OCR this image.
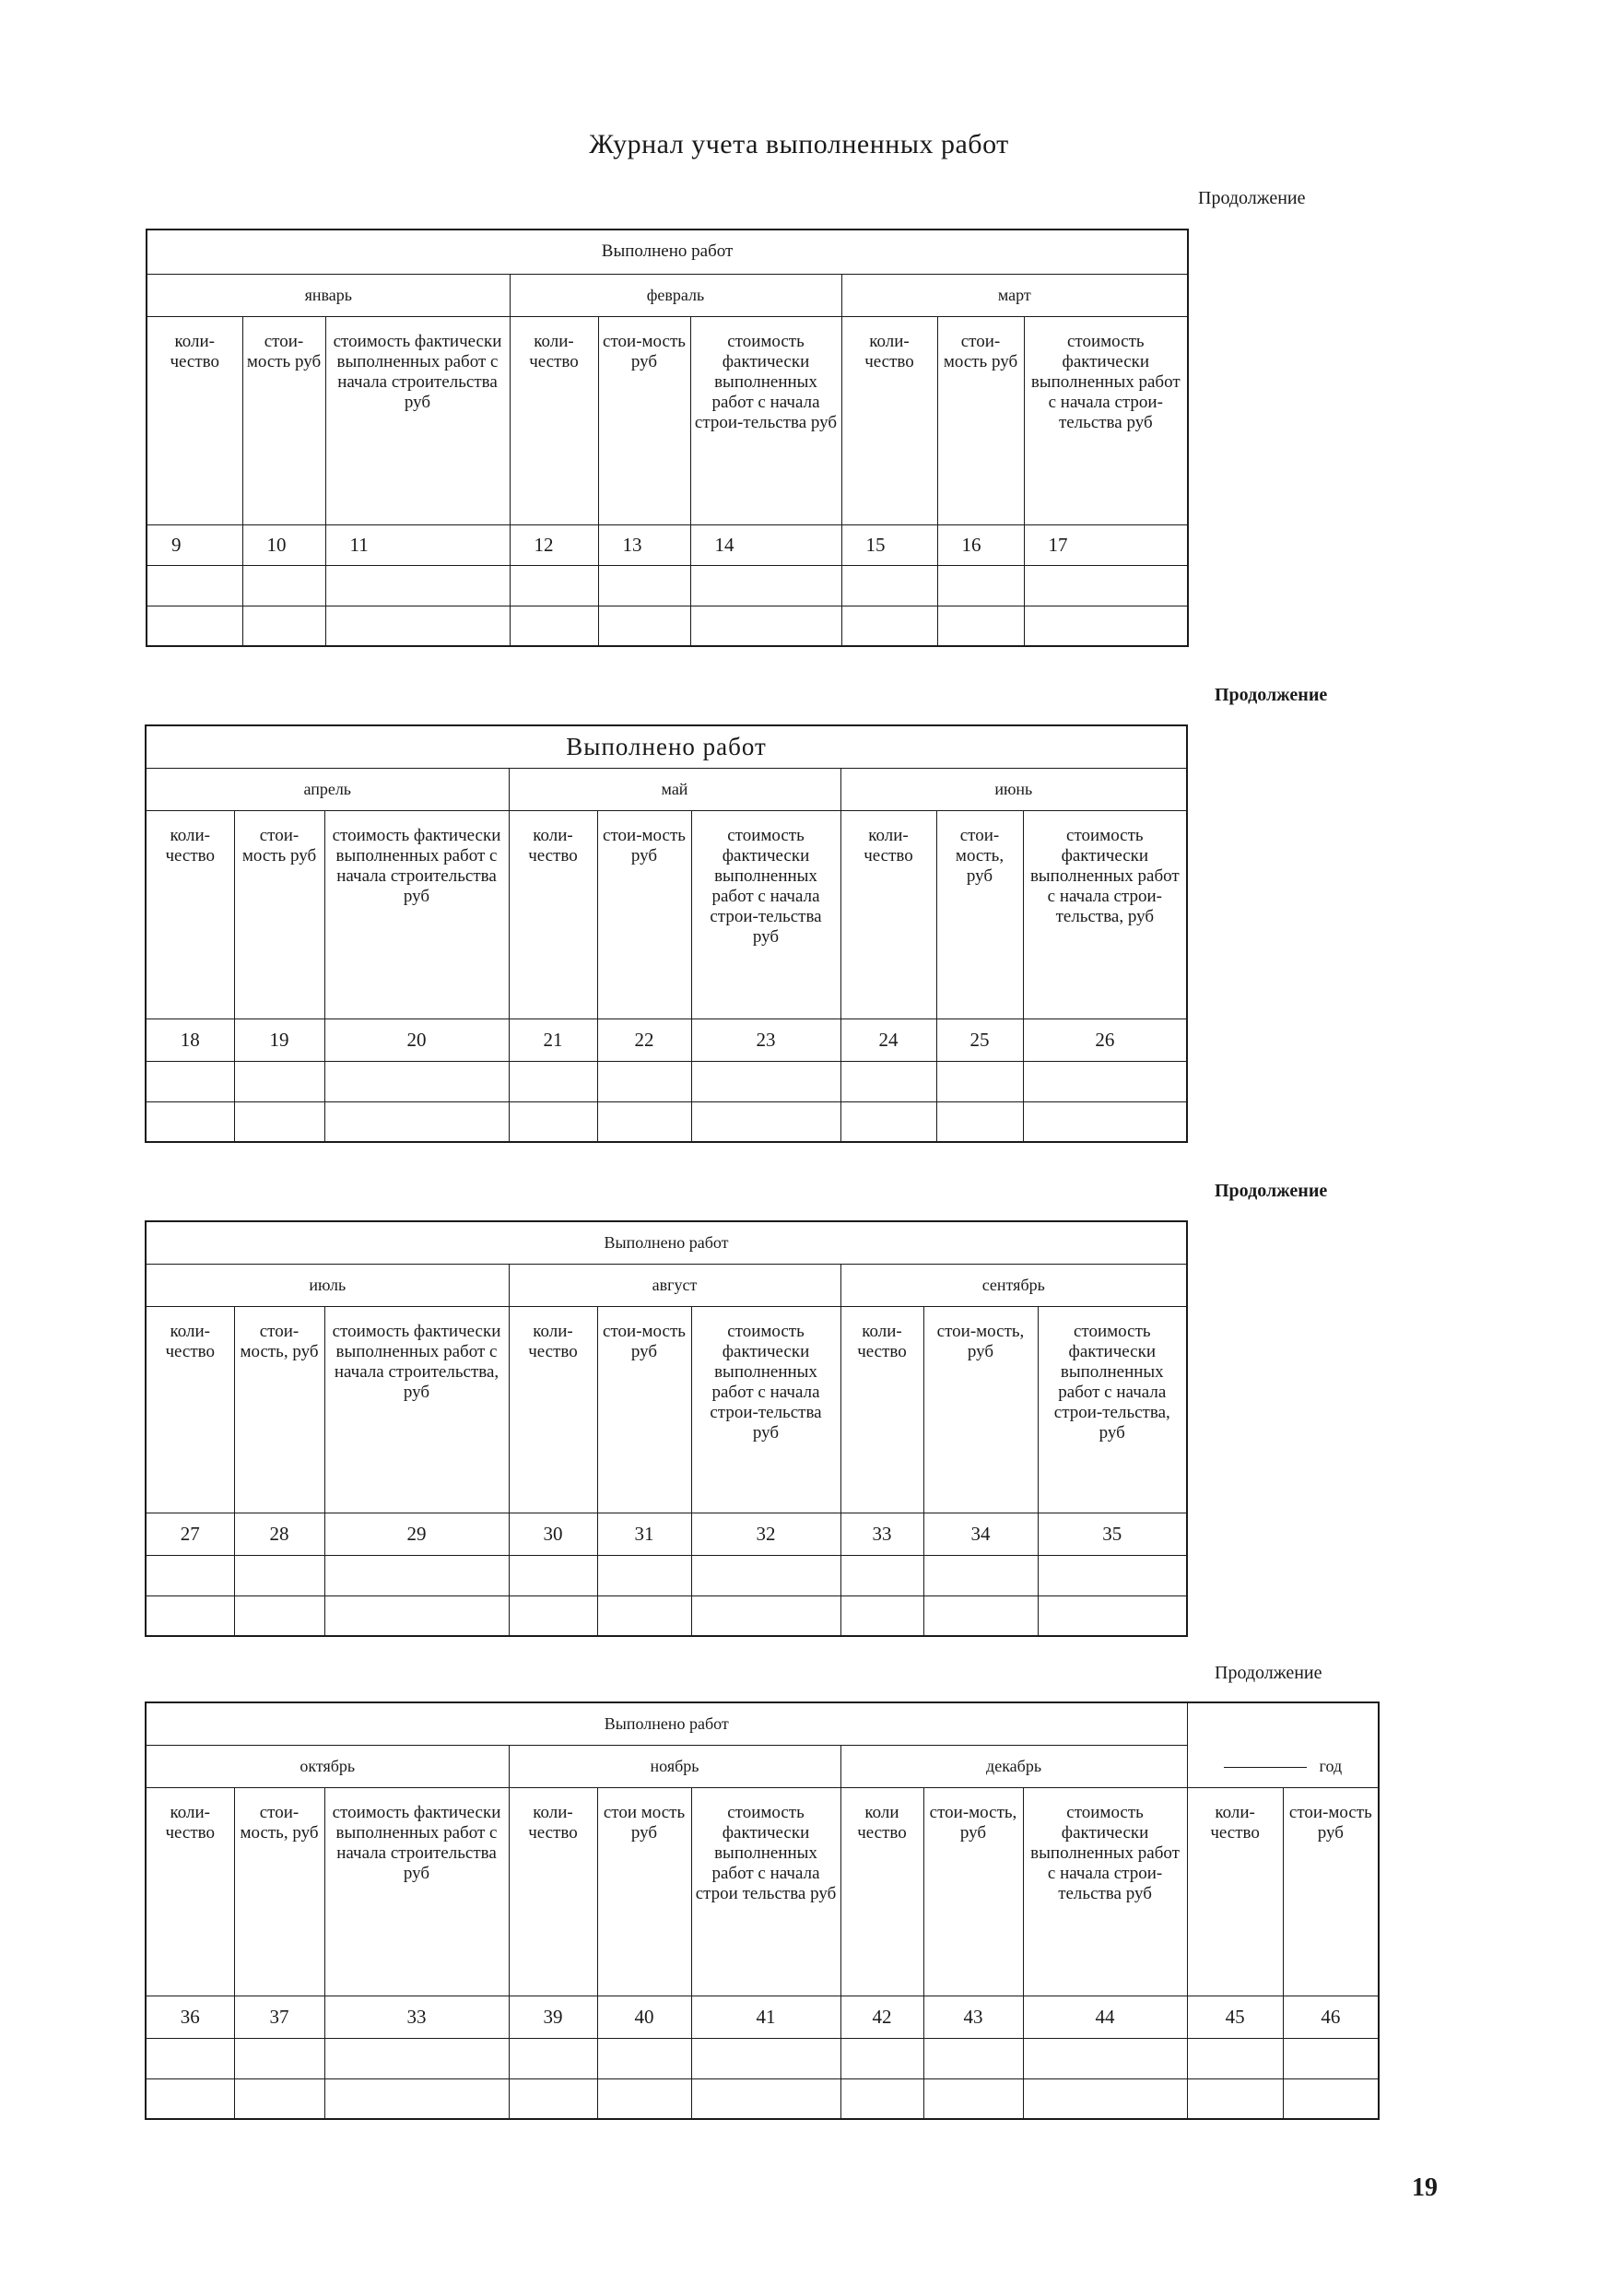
Журнал учета выполненных работ
Продолжение
Продолжение
Продолжение
Продолжение
Выполнено работ								
январь			февраль			март		
коли-чество	стои-мость руб	стоимость фактически выполненных работ с начала строительства руб	коли-чество	стои-мость руб	стоимость фактически выполненных работ с начала строи-тельства руб	коли-чество	стои-мость руб	стоимость фактически выполненных работ с начала строи-тельства руб
9	10	11	12	13	14	15	16	17

Выполнено работ								
апрель			май			июнь		
коли-чество	стои-мость руб	стоимость фактически выполненных работ с начала строительства руб	коли-чество	стои-мость руб	стоимость фактически выполненных работ с начала строи-тельства руб	коли-чество	стои-мость, руб	стоимость фактически выполненных работ с начала строи-тельства, руб
18	19	20	21	22	23	24	25	26

Выполнено работ								
июль			август			сентябрь		
коли-чество	стои-мость, руб	стоимость фактически выполненных работ с начала строительства, руб	коли-чество	стои-мость руб	стоимость фактически выполненных работ с начала строи-тельства руб	коли-чество	стои-мость, руб	стоимость фактически выполненных работ с начала строи-тельства, руб
27	28	29	30	31	32	33	34	35

Выполнено работ										
октябрь			ноябрь			декабрь			год	
коли-чество	стои-мость, руб	стоимость фактически выполненных работ с начала строительства руб	коли-чество	стои мость руб	стоимость фактически выполненных работ с начала строи тельства руб	коли чество	стои-мость, руб	стоимость фактически выполненных работ с начала строи-тельства руб	коли-чество	стои-мость руб
36	37	33	39	40	41	42	43	44	45	46

19
